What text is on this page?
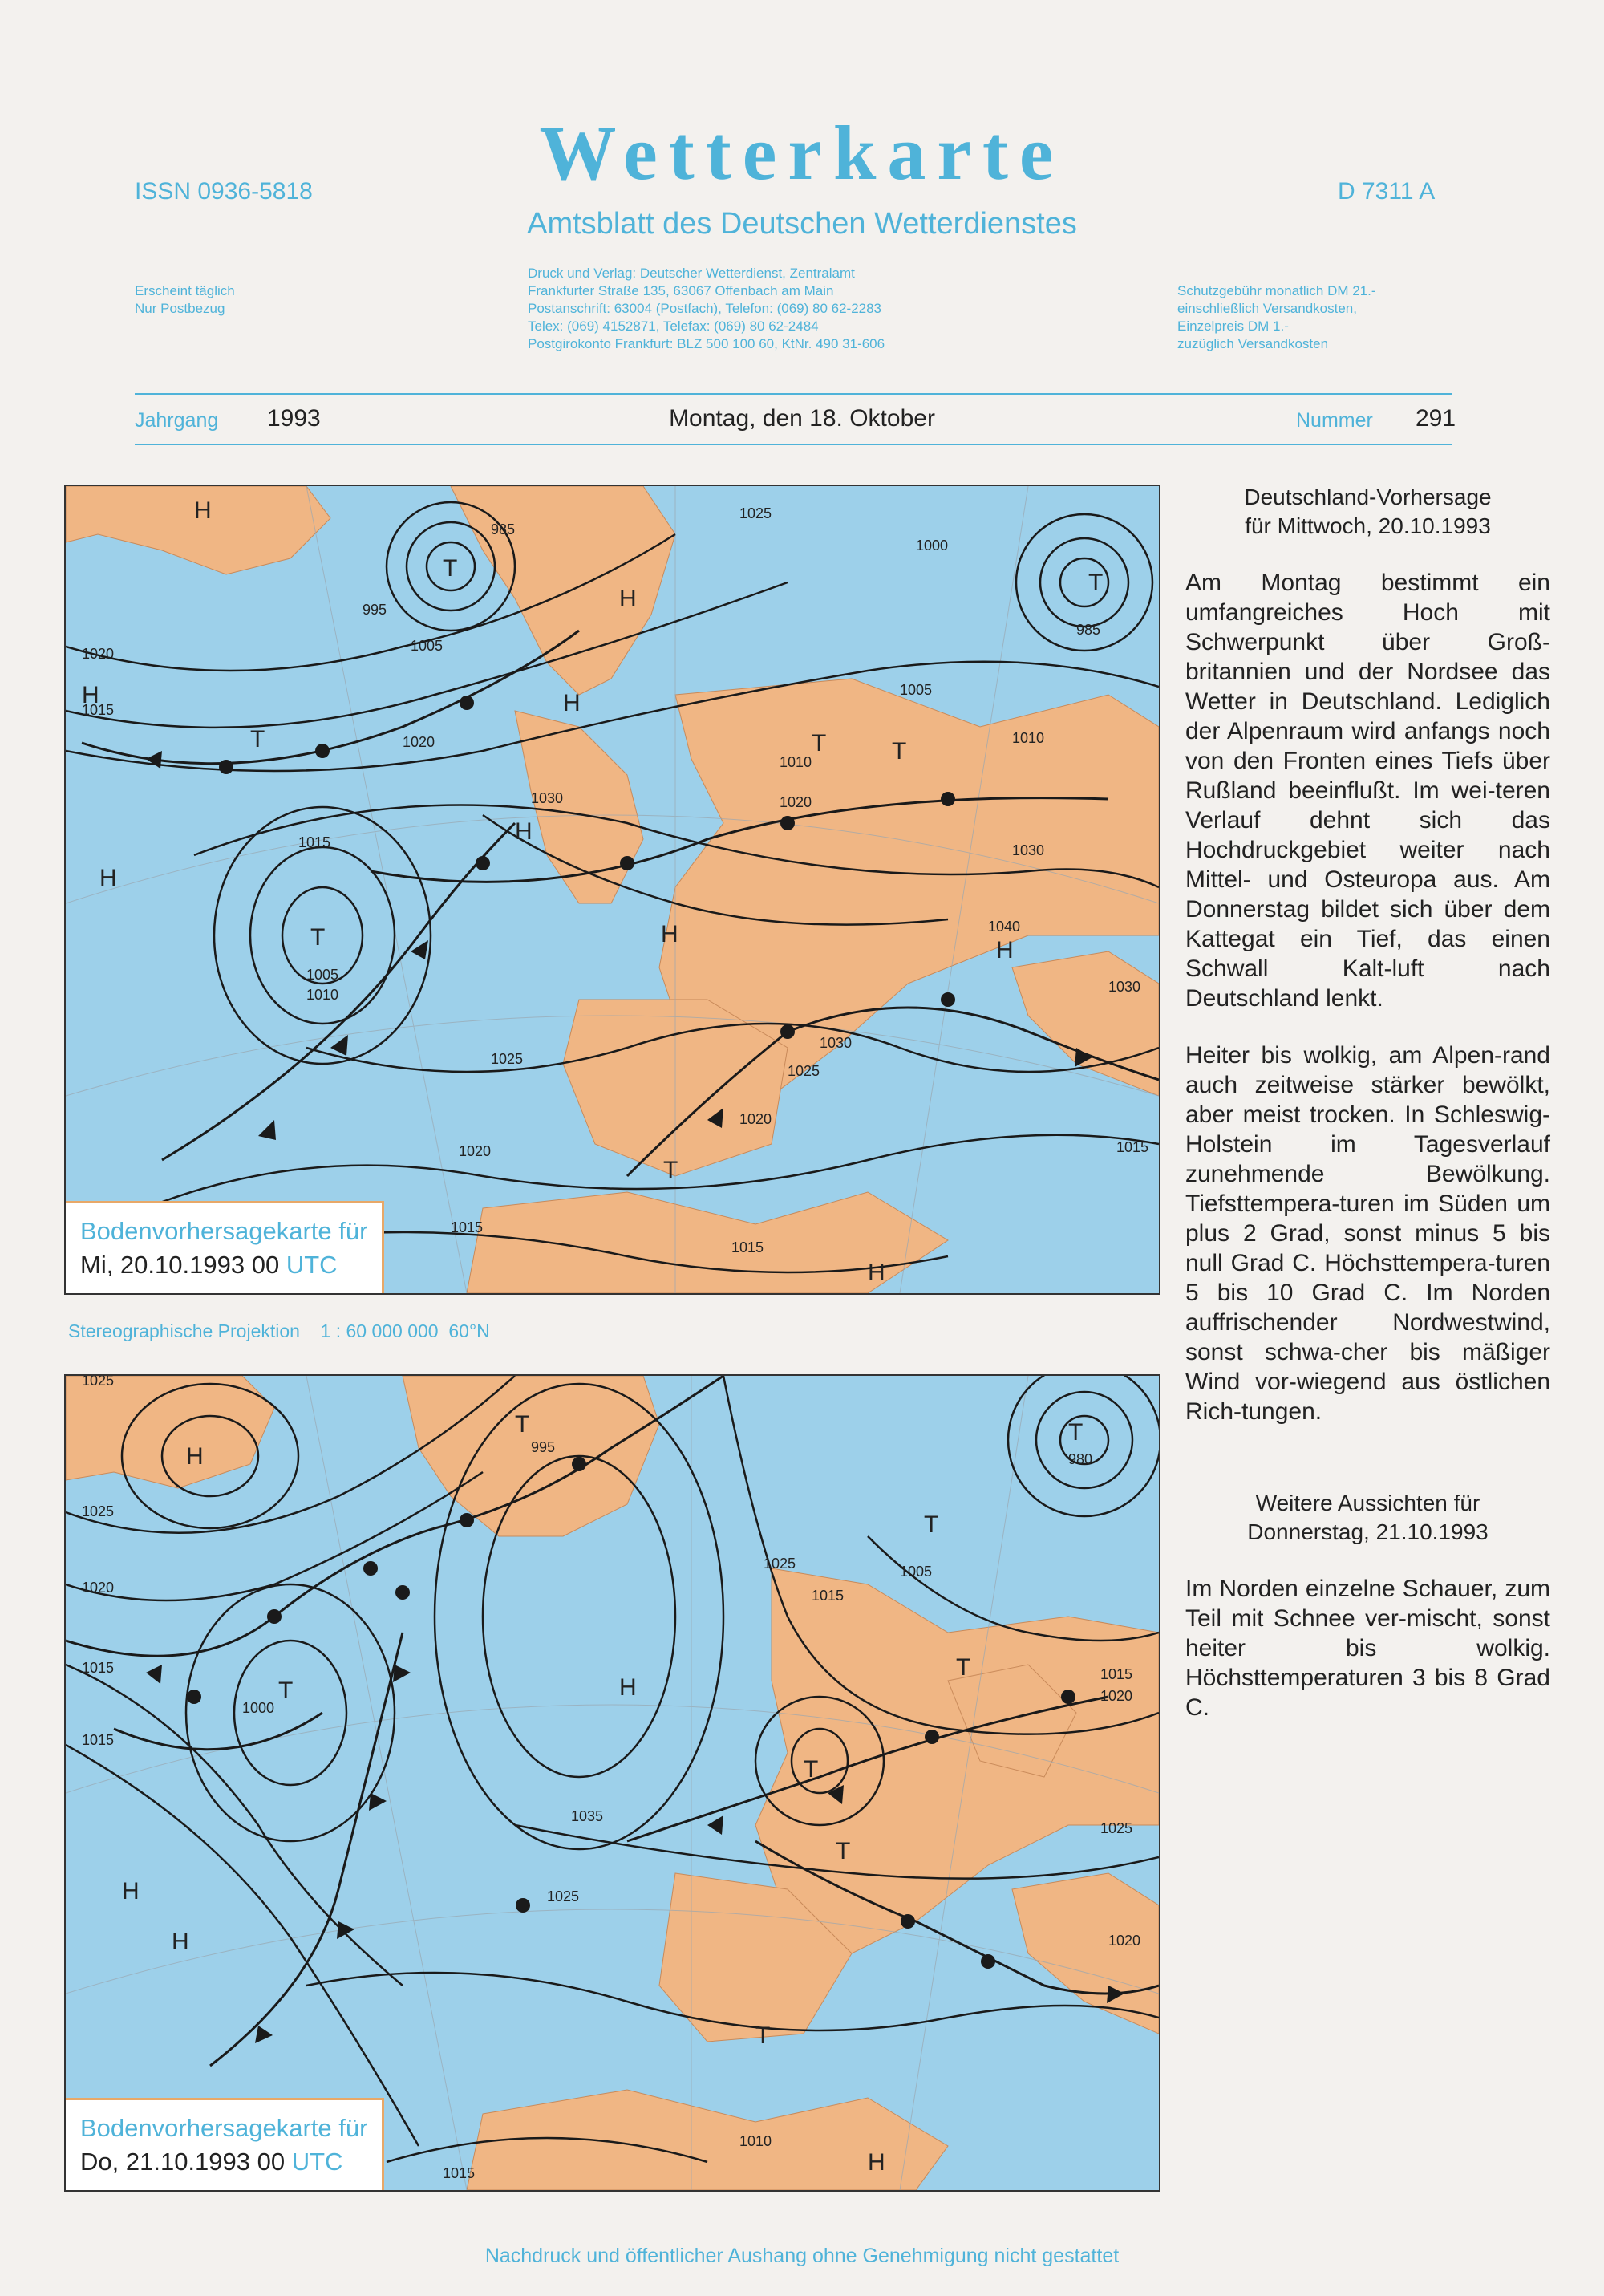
ISSN 0936-5818	Wetterkarte	D 7311 A
Amtsblatt des Deutschen Wetterdienstes
Erscheint täglich
Nur Postbezug
Druck und Verlag: Deutscher Wetterdienst, Zentralamt
Frankfurter Straße 135, 63067 Offenbach am Main
Postanschrift: 63004 (Postfach), Telefon: (069) 80 62-2283
Telex: (069) 4152871, Telefax: (069) 80 62-2484
Postgirokonto Frankfurt: BLZ 500 100 60, KtNr. 490 31-606
Schutzgebühr monatlich DM 21.-
einschließlich Versandkosten,
Einzelpreis DM 1.-
zuzüglich Versandkosten
Jahrgang 1993	Montag, den 18. Oktober	Nummer 291
H
T
H
H
T	T
H
T
H
H
T
H
H
T
H
T
985
995
1005
1025
1020
1015
1020
1015
1010
1005
1030
1010
1020
1000
1005
1010
1030
1040
1030
1025
1030
1025
1020
1020
1015
1015
1015
985
Bodenvorhersagekarte für
Mi, 20.10.1993 00 UTC
Stereographische Projektion    1 : 60 000 000  60°N
H
T	T
T
H
T
T
T
H
H
T
T
H
1025
1025
1020
1015
1015
995
1000
1035
1025
1015
1005
1025
1015
1020
1025
1020
1015
1010
980
Bodenvorhersagekarte für
Do, 21.10.1993 00 UTC
Deutschland-Vorhersage
für Mittwoch, 20.10.1993
Am Montag bestimmt ein umfangreiches Hoch mit Schwerpunkt über Groß-britannien und der Nordsee das Wetter in Deutschland. Lediglich der Alpenraum wird anfangs noch von den Fronten eines Tiefs über Rußland beeinflußt. Im wei-teren Verlauf dehnt sich das Hochdruckgebiet weiter nach Mittel- und Osteuropa aus. Am Donnerstag bildet sich über dem Kattegat ein Tief, das einen Schwall Kalt-luft nach Deutschland lenkt.
Heiter bis wolkig, am Alpen-rand auch zeitweise stärker bewölkt, aber meist trocken. In Schleswig-Holstein im Tagesverlauf zunehmende Bewölkung. Tiefsttempera-turen im Süden um plus 2 Grad, sonst minus 5 bis null Grad C. Höchsttempera-turen 5 bis 10 Grad C. Im Norden auffrischender Nordwestwind, sonst schwa-cher bis mäßiger Wind vor-wiegend aus östlichen Rich-tungen.
Weitere Aussichten für
Donnerstag, 21.10.1993
Im Norden einzelne Schauer, zum Teil mit Schnee ver-mischt, sonst heiter bis wolkig. Höchsttemperaturen 3 bis 8 Grad C.
Nachdruck und öffentlicher Aushang ohne Genehmigung nicht gestattet
